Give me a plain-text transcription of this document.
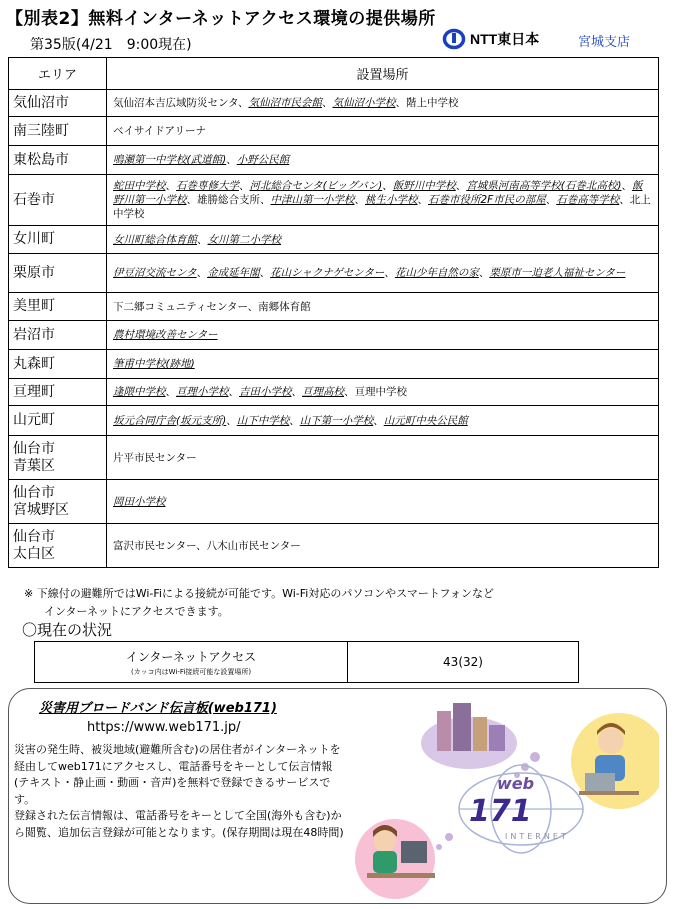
【別表2】無料インターネットアクセス環境の提供場所
第35版(4/21　9:00現在)	NTT東日本	宮城支店
エリア	設置場所
気仙沼市	気仙沼本吉広域防災センタ、気仙沼市民会館、気仙沼小学校、階上中学校
南三陸町	ベイサイドアリーナ
東松島市	鳴瀬第一中学校(武道館)、小野公民館
石巻市	蛇田中学校、石巻専修大学、河北総合センタ(ビッグバン)、飯野川中学校、宮城県河南高等学校(石巻北高校)、飯野川第一小学校、雄勝総合支所、中津山第一小学校、桃生小学校、石巻市役所2F市民の部屋、石巻高等学校、北上中学校
女川町	女川町総合体育館、女川第二小学校
栗原市	伊豆沼交流センタ、金成延年閣、花山シャクナゲセンター、花山少年自然の家、栗原市一迫老人福祉センター
美里町	下二郷コミュニティセンター、南郷体育館
岩沼市	農村環境改善センター
丸森町	筆甫中学校(跡地)
亘理町	逢隈中学校、亘理小学校、吉田小学校、亘理高校、亘理中学校
山元町	坂元合同庁舎(坂元支所)、山下中学校、山下第一小学校、山元町中央公民館
仙台市
青葉区	片平市民センター
仙台市
宮城野区	岡田小学校
仙台市
太白区	富沢市民センター、八木山市民センター
※ 下線付の避難所ではWi-Fiによる接続が可能です。Wi-Fi対応のパソコンやスマートフォンなど
インターネットにアクセスできます。
〇現在の状況
インターネットアクセス
(カッコ内はWi-Fi接続可能な設置場所)
	43(32)
災害用ブロードバンド伝言板(web171)
https://www.web171.jp/
災害の発生時、被災地域(避難所含む)の居住者がインターネットを経由してweb171にアクセスし、電話番号をキーとして伝言情報(テキスト・静止画・動画・音声)を無料で登録できるサービスです。
登録された伝言情報は、電話番号をキーとして全国(海外も含む)から閲覧、追加伝言登録が可能となります。(保存期間は現在48時間)
web
171
INTERNET
